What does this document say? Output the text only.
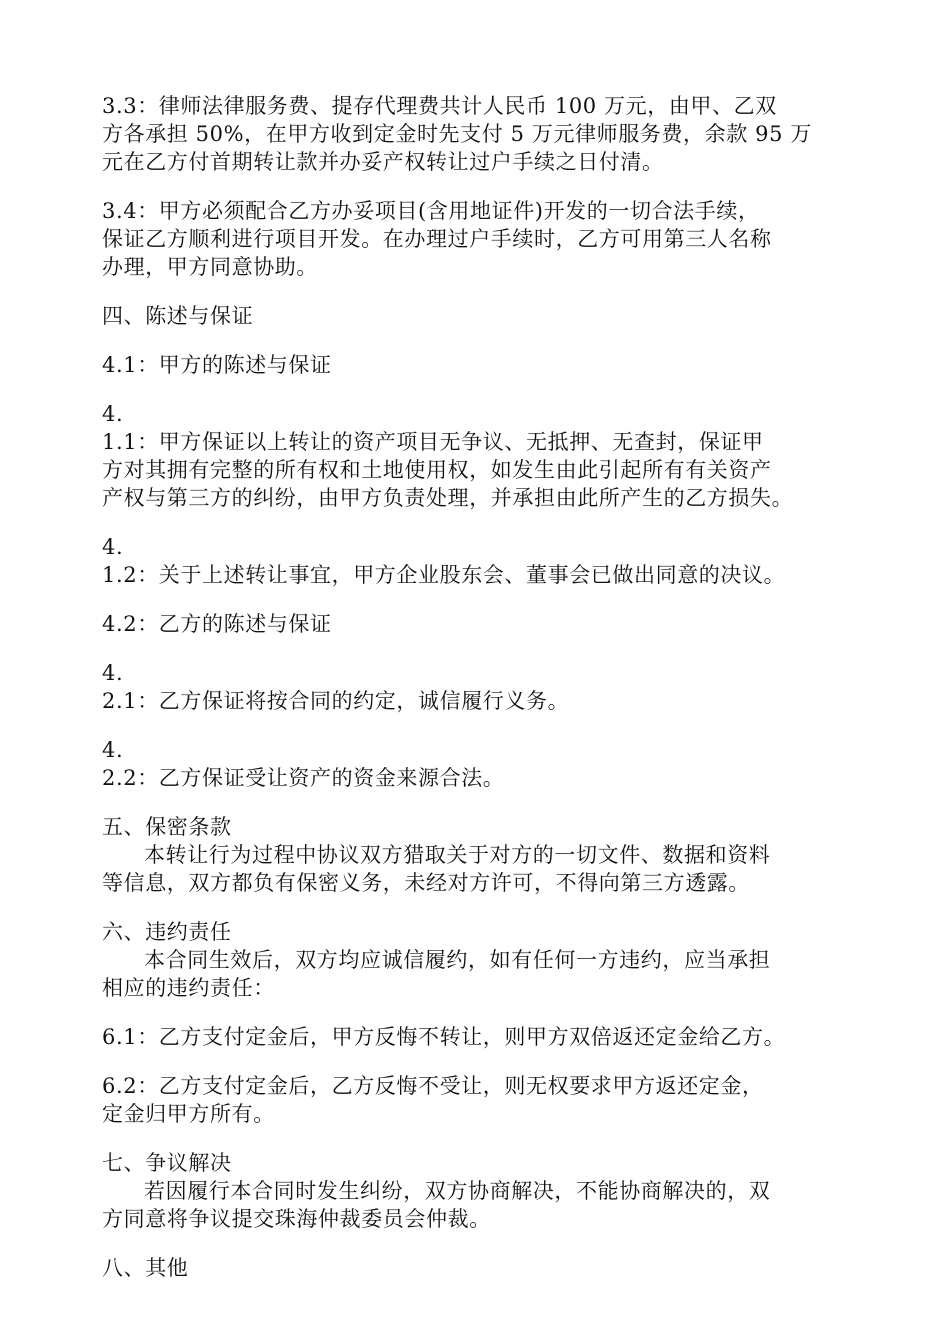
3.3：律师法律服务费、提存代理费共计人民币 100 万元，由甲、乙双
方各承担 50%，在甲方收到定金时先支付 5 万元律师服务费，余款 95 万
元在乙方付首期转让款并办妥产权转让过户手续之日付清。
3.4：甲方必须配合乙方办妥项目(含用地证件)开发的一切合法手续，
保证乙方顺利进行项目开发。在办理过户手续时，乙方可用第三人名称
办理，甲方同意协助。
四、陈述与保证
4.1：甲方的陈述与保证
4.
1.1：甲方保证以上转让的资产项目无争议、无抵押、无查封，保证甲
方对其拥有完整的所有权和土地使用权，如发生由此引起所有有关资产
产权与第三方的纠纷，由甲方负责处理，并承担由此所产生的乙方损失。
4.
1.2：关于上述转让事宜，甲方企业股东会、董事会已做出同意的决议。
4.2：乙方的陈述与保证
4.
2.1：乙方保证将按合同的约定，诚信履行义务。
4.
2.2：乙方保证受让资产的资金来源合法。
五、保密条款
本转让行为过程中协议双方猎取关于对方的一切文件、数据和资料
等信息，双方都负有保密义务，未经对方许可，不得向第三方透露。
六、违约责任
本合同生效后，双方均应诚信履约，如有任何一方违约，应当承担
相应的违约责任：
6.1：乙方支付定金后，甲方反悔不转让，则甲方双倍返还定金给乙方。
6.2：乙方支付定金后，乙方反悔不受让，则无权要求甲方返还定金，
定金归甲方所有。
七、争议解决
若因履行本合同时发生纠纷，双方协商解决，不能协商解决的，双
方同意将争议提交珠海仲裁委员会仲裁。
八、其他
